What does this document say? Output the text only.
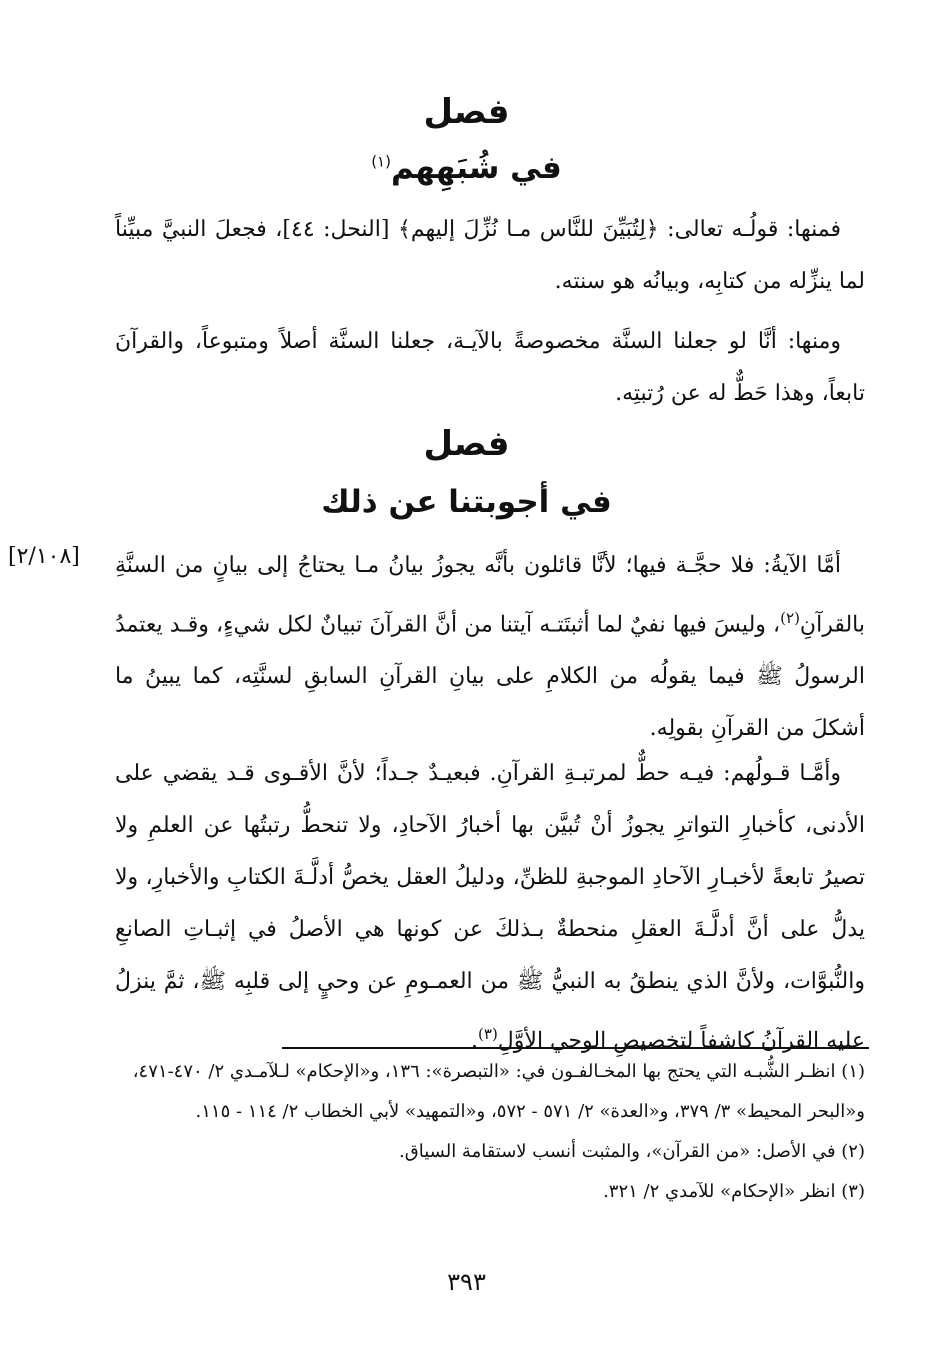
فصل
في شُبَهِهم$^{(١)}$

فمنها: قولُـه تعالى: ﴿لِتُبَيِّنَ للنَّاس مـا نُزِّلَ إليهم﴾ [النحل: ٤٤]، فجعلَ النبيَّ مبيِّناً لما ينزِّله من كتابِه، وبيانُه هو سنته.

ومنها: أنَّا لو جعلنا السنَّة مخصوصةً بالآيـة، جعلنا السنَّة أصلاً ومتبوعاً، والقرآنَ تابعاً، وهذا حَطٌّ له عن رُتبتِه.

فصل
في أجوبتنا عن ذلك
[٢/١٠٨] أمَّا الآيةُ: فلا حجَّـة فيها؛ لأنَّا قائلون بأنَّه يجوزُ بيانُ مـا يحتاجُ إلى بيانٍ من السنَّةِ بالقرآنِ$^{(٢)}$، وليسَ فيها نفيٌ لما أثبتَتـه آيتنا من أنَّ القرآنَ تبيانٌ لكل شيءٍ، وقـد يعتمدُ الرسولُ ﷺ فيما يقولُه من الكلامِ على بيانِ القرآنِ السابقِ لسنَّتِه، كما يبينُ ما أشكلَ من القرآنِ بقولِه.

وأمَّـا قـولُهم: فيـه حطٌّ لمرتبـةِ القرآنِ. فبعيـدٌ جـداً؛ لأنَّ الأقـوى قـد يقضي على الأدنى، كأخبارِ التواترِ يجوزُ أنْ تُبيَّن بها أخبارُ الآحادِ، ولا تنحطُّ رتبتُها عن العلمِ ولا تصيرُ تابعةً لأخبـارِ الآحادِ الموجبةِ للظنِّ، ودليلُ العقل يخصُّ أدلَّـةَ الكتابِ والأخبارِ، ولا يدلُّ على أنَّ أدلَّـةَ العقلِ منحطةٌ بـذلكَ عن كونها هي الأصلُ في إثبـاتِ الصانعِ والنُّبوَّات، ولأنَّ الذي ينطقُ به النبيُّ ﷺ من العمـومِ عن وحيٍ إلى قلبِه ﷺ، ثمَّ ينزلُ عليه القرآنُ كاشفاً لتخصيصِ الوحي الأوَّلِ$^{(٣)}$.

(١) انظـر الشُّبـه التي يحتج بها المخـالفـون في: «التبصرة»: ١٣٦، و«الإحكام» لـلآمـدي ٢/ ٤٧٠-٤٧١، و«البحر المحيط» ٣/ ٣٧٩، و«العدة» ٢/ ٥٧١ - ٥٧٢، و«التمهيد» لأبي الخطاب ٢/ ١١٤ - ١١٥.

(٢) في الأصل: «من القرآن»، والمثبت أنسب لاستقامة السياق.

(٣) انظر «الإحكام» للآمدي ٢/ ٣٢١.

٣٩٣
